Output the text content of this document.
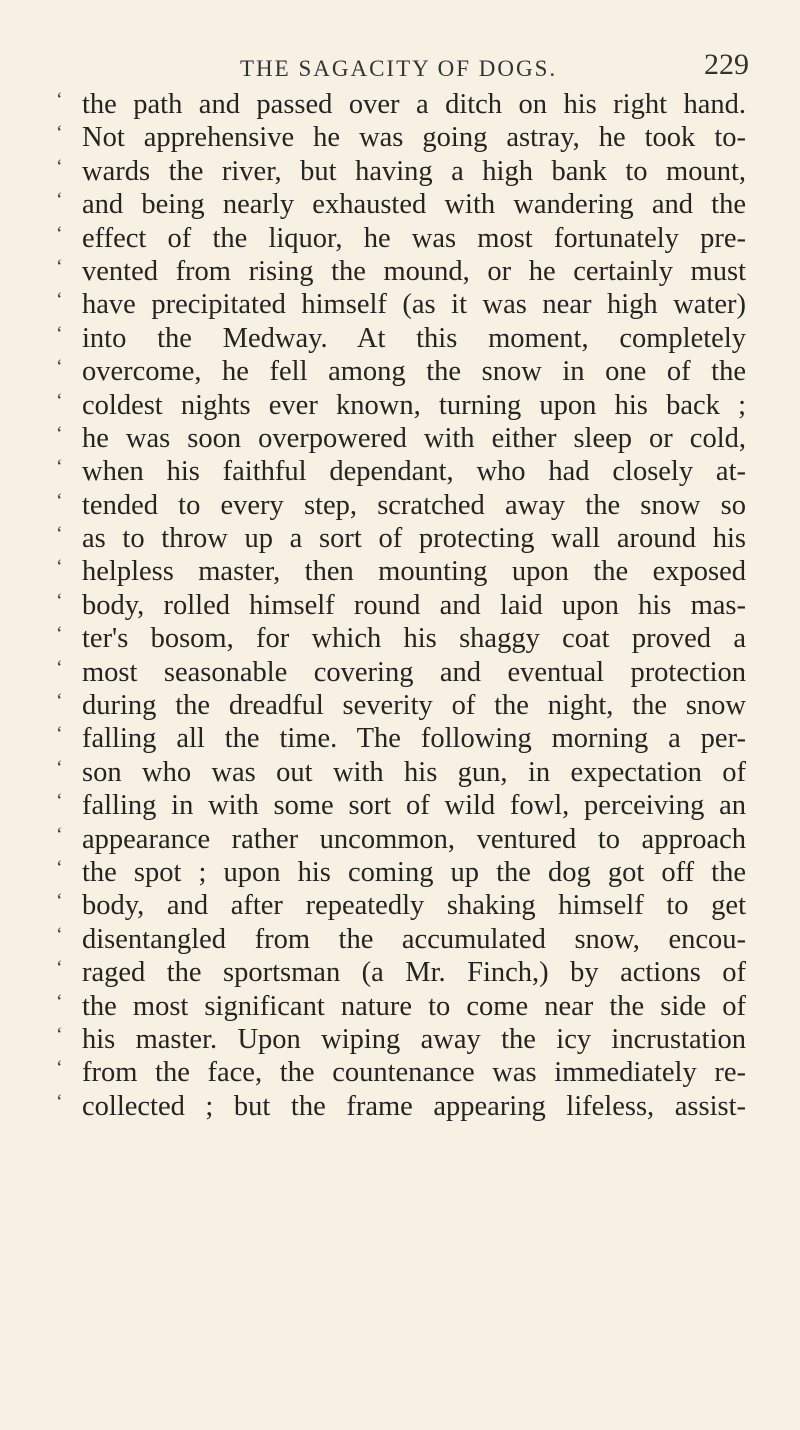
THE SAGACITY OF DOGS.	229
‘ the path and passed over a ditch on his right hand.
‘ Not apprehensive he was going astray, he took to-
‘ wards the river, but having a high bank to mount,
‘ and being nearly exhausted with wandering and the
‘ effect of the liquor, he was most fortunately pre-
‘ vented from rising the mound, or he certainly must
‘ have precipitated himself (as it was near high water)
‘ into the Medway. At this moment, completely
‘ overcome, he fell among the snow in one of the
‘ coldest nights ever known, turning upon his back ;
‘ he was soon overpowered with either sleep or cold,
‘ when his faithful dependant, who had closely at-
‘ tended to every step, scratched away the snow so
‘ as to throw up a sort of protecting wall around his
‘ helpless master, then mounting upon the exposed
‘ body, rolled himself round and laid upon his mas-
‘ ter's bosom, for which his shaggy coat proved a
‘ most seasonable covering and eventual protection
‘ during the dreadful severity of the night, the snow
‘ falling all the time. The following morning a per-
‘ son who was out with his gun, in expectation of
‘ falling in with some sort of wild fowl, perceiving an
‘ appearance rather uncommon, ventured to approach
‘ the spot ; upon his coming up the dog got off the
‘ body, and after repeatedly shaking himself to get
‘ disentangled from the accumulated snow, encou-
‘ raged the sportsman (a Mr. Finch,) by actions of
‘ the most significant nature to come near the side of
‘ his master. Upon wiping away the icy incrustation
‘ from the face, the countenance was immediately re-
‘ collected ; but the frame appearing lifeless, assist-
